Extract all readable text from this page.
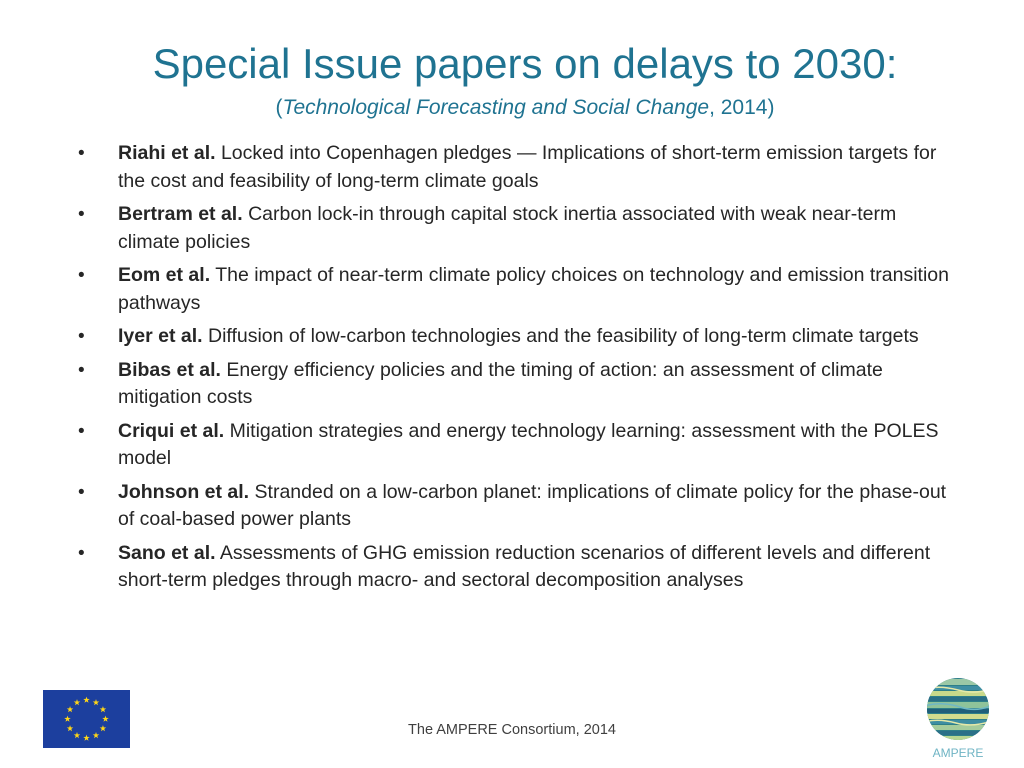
Special Issue papers on delays to 2030:
(Technological Forecasting and Social Change, 2014)
•	Riahi et al. Locked into Copenhagen pledges — Implications of short-term emission targets for the cost and feasibility of long-term climate goals
•	Bertram et al. Carbon lock-in through capital stock inertia associated with weak near-term climate policies
•	Eom et al. The impact of near-term climate policy choices on technology and emission transition pathways
•	Iyer et al. Diffusion of low-carbon technologies and the feasibility of long-term climate targets
•	Bibas et al. Energy efficiency policies and the timing of action: an assessment of climate mitigation costs
•	Criqui et al. Mitigation strategies and energy technology learning: assessment with the POLES model
•	Johnson et al. Stranded on a low-carbon planet: implications of climate policy for the phase-out of coal-based power plants
•	Sano et al. Assessments of GHG emission reduction scenarios of different levels and different short-term pledges through macro- and sectoral decomposition analyses
The AMPERE Consortium, 2014
AMPERE
